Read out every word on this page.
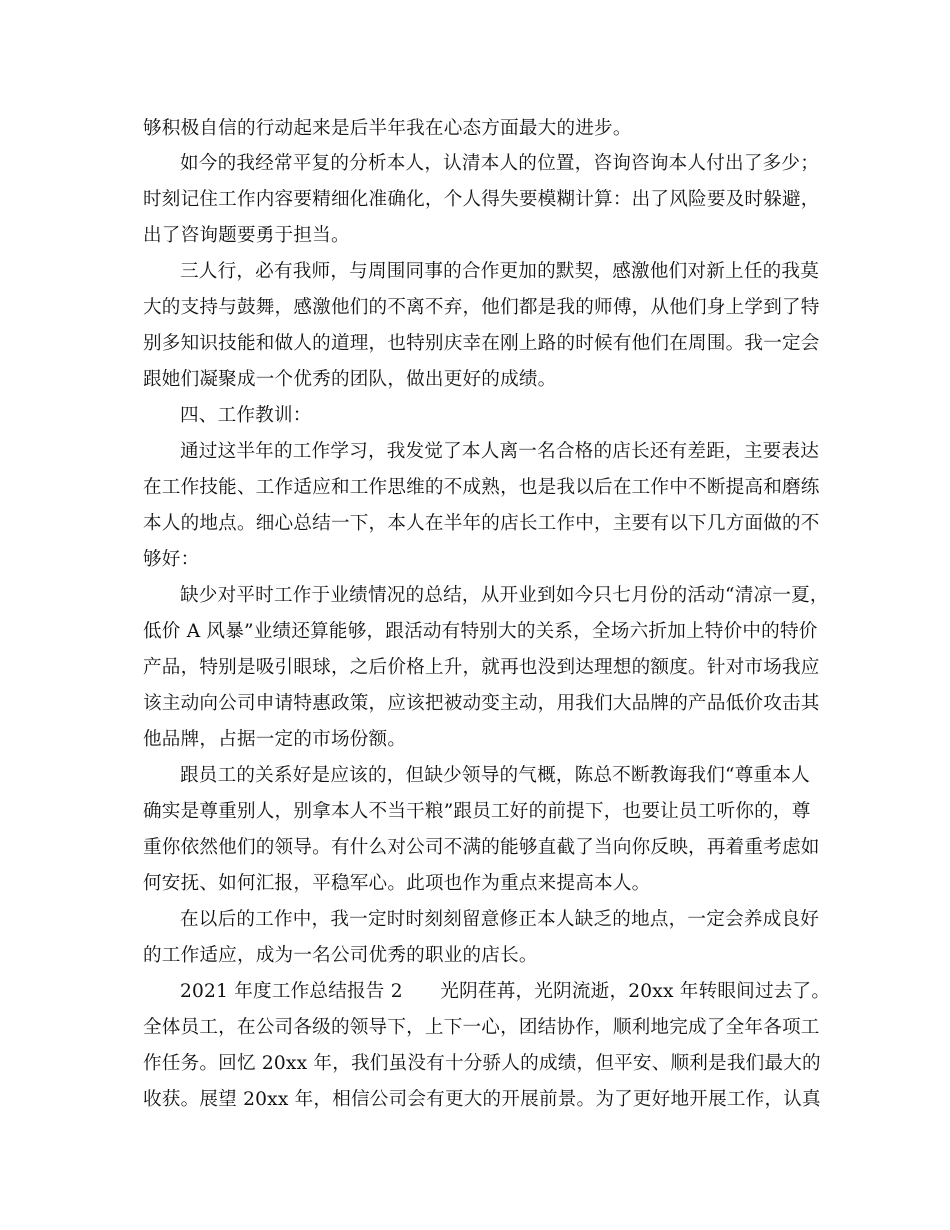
够积极自信的行动起来是后半年我在心态方面最大的进步。
如今的我经常平复的分析本人，认清本人的位置，咨询咨询本人付出了多少；
时刻记住工作内容要精细化准确化，个人得失要模糊计算：出了风险要及时躲避，
出了咨询题要勇于担当。
三人行，必有我师，与周围同事的合作更加的默契，感激他们对新上任的我莫
大的支持与鼓舞，感激他们的不离不弃，他们都是我的师傅，从他们身上学到了特
别多知识技能和做人的道理，也特别庆幸在刚上路的时候有他们在周围。我一定会
跟她们凝聚成一个优秀的团队，做出更好的成绩。
四、工作教训：
通过这半年的工作学习，我发觉了本人离一名合格的店长还有差距，主要表达
在工作技能、工作适应和工作思维的不成熟，也是我以后在工作中不断提高和磨练
本人的地点。细心总结一下，本人在半年的店长工作中，主要有以下几方面做的不
够好：
缺少对平时工作于业绩情况的总结，从开业到如今只七月份的活动“清凉一夏，
低价 A 风暴”业绩还算能够，跟活动有特别大的关系，全场六折加上特价中的特价
产品，特别是吸引眼球，之后价格上升，就再也没到达理想的额度。针对市场我应
该主动向公司申请特惠政策，应该把被动变主动，用我们大品牌的产品低价攻击其
他品牌，占据一定的市场份额。
跟员工的关系好是应该的，但缺少领导的气概，陈总不断教诲我们“尊重本人
确实是尊重别人，别拿本人不当干粮”跟员工好的前提下，也要让员工听你的，尊
重你依然他们的领导。有什么对公司不满的能够直截了当向你反映，再着重考虑如
何安抚、如何汇报，平稳军心。此项也作为重点来提高本人。
在以后的工作中，我一定时时刻刻留意修正本人缺乏的地点，一定会养成良好
的工作适应，成为一名公司优秀的职业的店长。
2021 年度工作总结报告 2　　光阴荏苒，光阴流逝，20xx 年转眼间过去了。
全体员工，在公司各级的领导下，上下一心，团结协作，顺利地完成了全年各项工
作任务。回忆 20xx 年，我们虽没有十分骄人的成绩，但平安、顺利是我们最大的
收获。展望 20xx 年，相信公司会有更大的开展前景。为了更好地开展工作，认真
